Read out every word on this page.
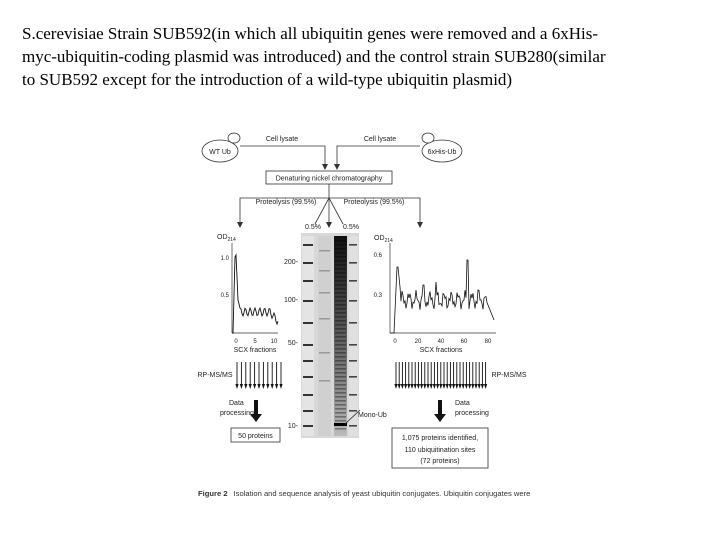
S.cerevisiae Strain SUB592(in which all ubiquitin genes were removed and a 6xHis-
myc-ubiquitin-coding plasmid was introduced) and the control strain SUB280(similar
to SUB592 except for the introduction of a wild-type ubiquitin plasmid)
WT Ub	6xHis-Ub
Cell lysate	Cell lysate
Denaturing nickel chromatography
Proteolysis (99.5%)	Proteolysis (99.5%)
0.5%	0.5%
200-
100-
50-
10-
Mono-Ub
$OD_{214}$
1.0
0.5
0	5 10
SCX fractions
$OD_{214}$
0.6
0.3
0	20	40	60	80
SCX fractions
RP-MS/MS	RP-MS/MS
Data
processing
Data
processing
50 proteins	1,075 proteins identified,
110 ubiquitination sites
(72 proteins)
Figure 2 Isolation and sequence analysis of yeast ubiquitin conjugates. Ubiquitin conjugates were
